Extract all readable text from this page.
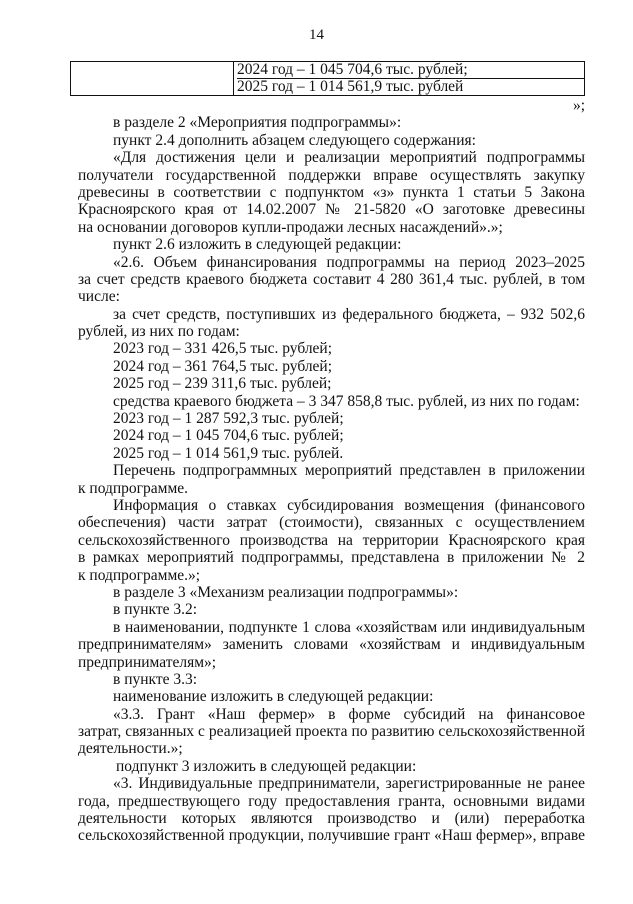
14

2024 год – 1 045 704,6 тыс. рублей;
2025 год – 1 014 561,9 тыс. рублей
»;
в разделе 2 «Мероприятия подпрограммы»:
пункт 2.4 дополнить абзацем следующего содержания:
«Для достижения цели и реализации мероприятий подпрограммы
получатели государственной поддержки вправе осуществлять закупку
древесины в соответствии с подпунктом «з» пункта 1 статьи 5 Закона
Красноярского края от 14.02.2007 № 21-5820 «О заготовке древесины
на основании договоров купли-продажи лесных насаждений».»;
пункт 2.6 изложить в следующей редакции:
«2.6. Объем финансирования подпрограммы на период 2023–2025
за счет средств краевого бюджета составит 4 280 361,4 тыс. рублей, в том
числе:
за счет средств, поступивших из федерального бюджета, – 932 502,6
рублей, из них по годам:
2023 год – 331 426,5 тыс. рублей;
2024 год – 361 764,5 тыс. рублей;
2025 год – 239 311,6 тыс. рублей;
средства краевого бюджета – 3 347 858,8 тыс. рублей, из них по годам:
2023 год – 1 287 592,3 тыс. рублей;
2024 год – 1 045 704,6 тыс. рублей;
2025 год – 1 014 561,9 тыс. рублей.
Перечень подпрограммных мероприятий представлен в приложении
к подпрограмме.
Информация о ставках субсидирования возмещения (финансового
обеспечения) части затрат (стоимости), связанных с осуществлением
сельскохозяйственного производства на территории Красноярского края
в рамках мероприятий подпрограммы, представлена в приложении № 2
к подпрограмме.»;
в разделе 3 «Механизм реализации подпрограммы»:
в пункте 3.2:
в наименовании, подпункте 1 слова «хозяйствам или индивидуальным
предпринимателям» заменить словами «хозяйствам и индивидуальным
предпринимателям»;
в пункте 3.3:
наименование изложить в следующей редакции:
«3.3. Грант «Наш фермер» в форме субсидий на финансовое
затрат, связанных с реализацией проекта по развитию сельскохозяйственной
деятельности.»;
подпункт 3 изложить в следующей редакции:
«3. Индивидуальные предприниматели, зарегистрированные не ранее
года, предшествующего году предоставления гранта, основными видами
деятельности которых являются производство и (или) переработка
сельскохозяйственной продукции, получившие грант «Наш фермер», вправе
